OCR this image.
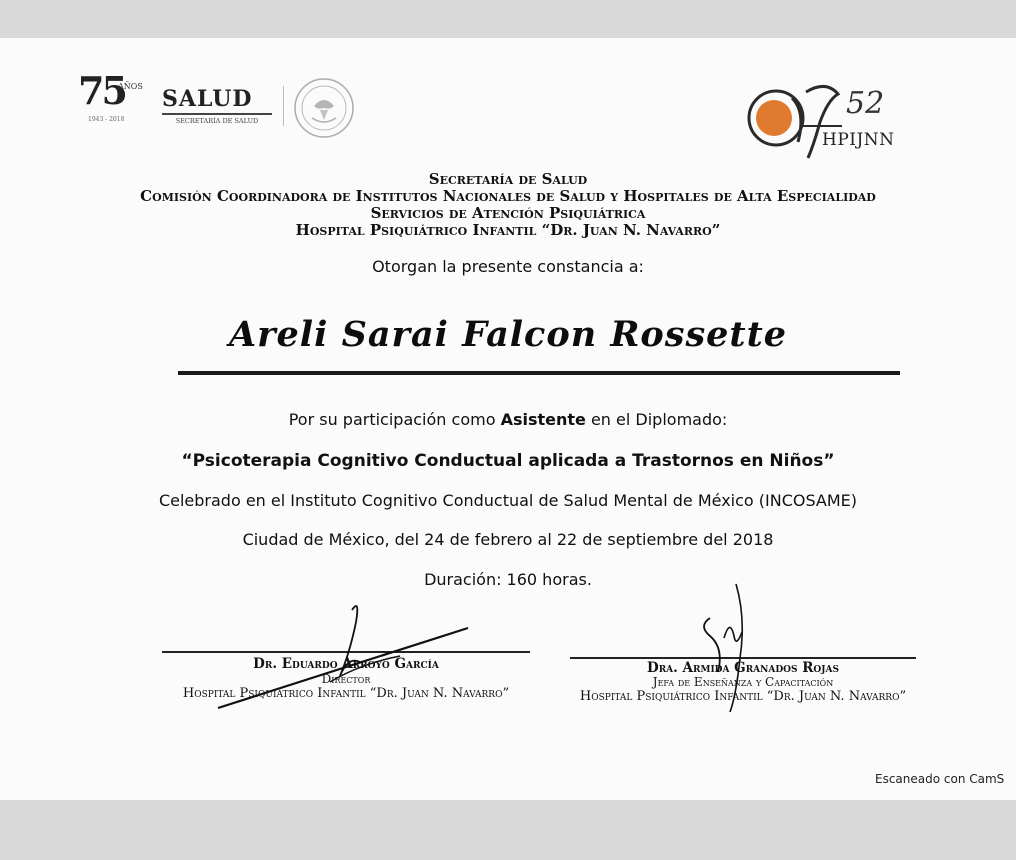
75
AÑOS
1943 - 2018
SALUD
SECRETARÍA DE SALUD	52
HPIJNN
Secretaría de Salud
Comisión Coordinadora de Institutos Nacionales de Salud y Hospitales de Alta Especialidad
Servicios de Atención Psiquiátrica
Hospital Psiquiátrico Infantil “Dr. Juan N. Navarro”
Otorgan la presente constancia a:
Areli Sarai Falcon Rossette
Por su participación como Asistente en el Diplomado:
“Psicoterapia Cognitivo Conductual aplicada a Trastornos en Niños”
Celebrado en el Instituto Cognitivo Conductual de Salud Mental de México (INCOSAME)
Ciudad de México, del 24 de febrero al 22 de septiembre del 2018
Duración: 160 horas.
Dr. Eduardo Arroyo García
Director
Hospital Psiquiátrico Infantil “Dr. Juan N. Navarro”
Dra. Armida Granados Rojas
Jefa de Enseñanza y Capacitación
Hospital Psiquiátrico Infantil “Dr. Juan N. Navarro”
Escaneado con CamS
